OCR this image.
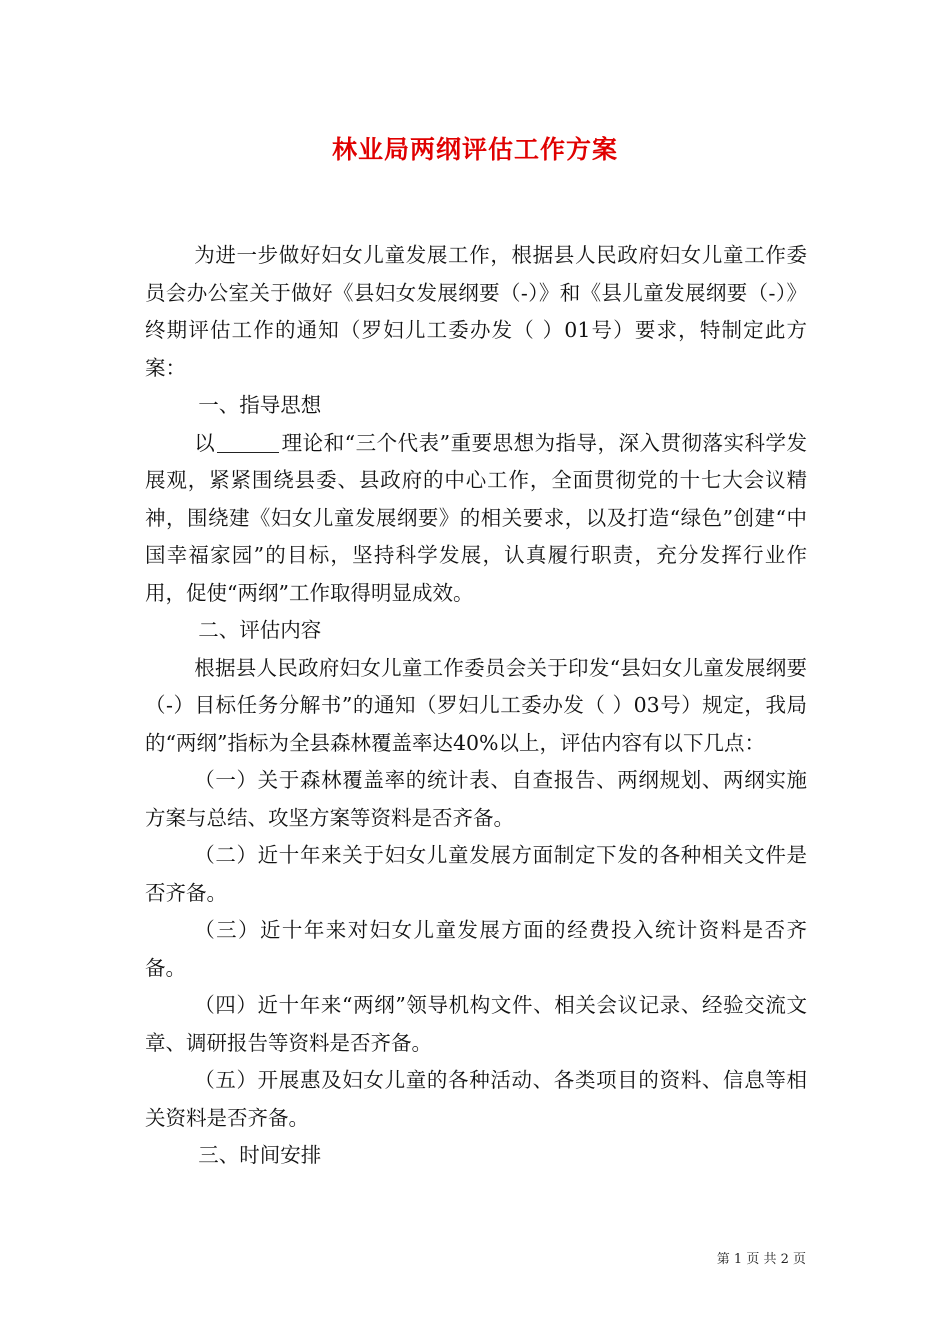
林业局两纲评估工作方案

为进一步做好妇女儿童发展工作，根据县人民政府妇女儿童工作委员会办公室关于做好《县妇女发展纲要（-）》和《县儿童发展纲要（-）》终期评估工作的通知（罗妇儿工委办发（ ）01号）要求，特制定此方案：

一、指导思想

以	理论和“三个代表”重要思想为指导，深入贯彻落实科学发展观，紧紧围绕县委、县政府的中心工作，全面贯彻党的十七大会议精神，围绕建《妇女儿童发展纲要》的相关要求，以及打造“绿色”创建“中国幸福家园”的目标，坚持科学发展，认真履行职责，充分发挥行业作用，促使“两纲”工作取得明显成效。

二、评估内容

根据县人民政府妇女儿童工作委员会关于印发“县妇女儿童发展纲要（-）目标任务分解书”的通知（罗妇儿工委办发（ ）03号）规定，我局的“两纲”指标为全县森林覆盖率达40%以上，评估内容有以下几点：

（一）关于森林覆盖率的统计表、自查报告、两纲规划、两纲实施方案与总结、攻坚方案等资料是否齐备。

（二）近十年来关于妇女儿童发展方面制定下发的各种相关文件是否齐备。

（三）近十年来对妇女儿童发展方面的经费投入统计资料是否齐备。

（四）近十年来“两纲”领导机构文件、相关会议记录、经验交流文章、调研报告等资料是否齐备。

（五）开展惠及妇女儿童的各种活动、各类项目的资料、信息等相关资料是否齐备。

三、时间安排

第 1 页 共 2 页
